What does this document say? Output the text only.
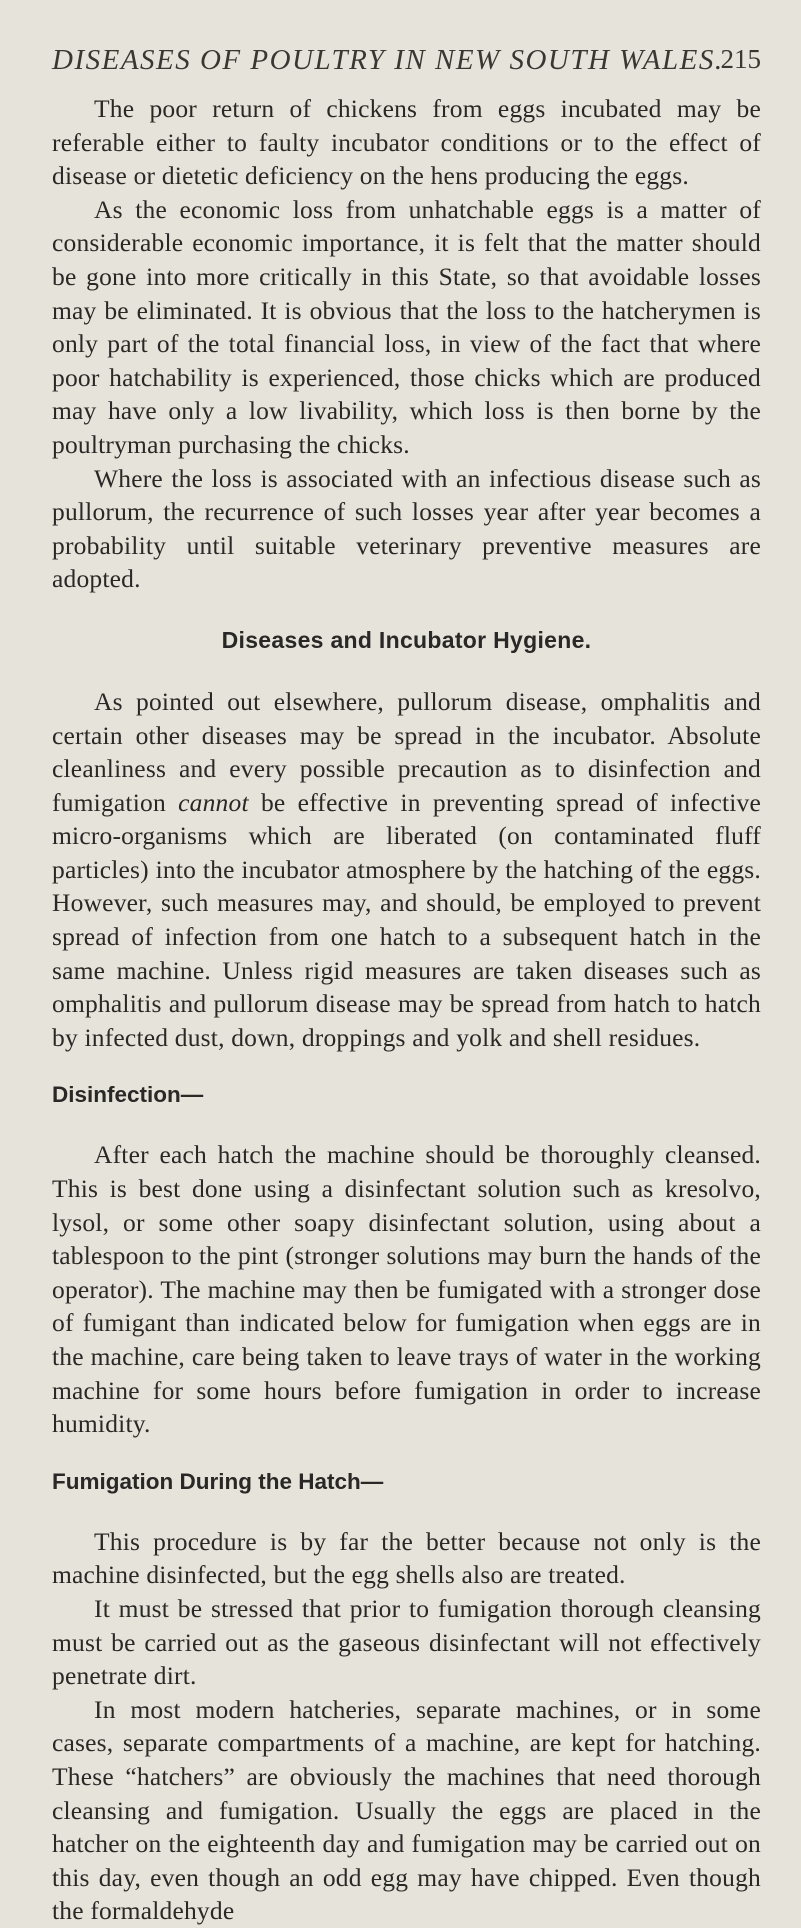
DISEASES OF POULTRY IN NEW SOUTH WALES.
215

The poor return of chickens from eggs incubated may be referable either to faulty incubator conditions or to the effect of disease or dietetic deficiency on the hens producing the eggs.

As the economic loss from unhatchable eggs is a matter of considerable economic importance, it is felt that the matter should be gone into more critically in this State, so that avoidable losses may be eliminated. It is obvious that the loss to the hatcherymen is only part of the total financial loss, in view of the fact that where poor hatchability is experienced, those chicks which are produced may have only a low livability, which loss is then borne by the poultryman purchasing the chicks.

Where the loss is associated with an infectious disease such as pullorum, the recurrence of such losses year after year becomes a probability until suitable veterinary preventive measures are adopted.

Diseases and Incubator Hygiene.

As pointed out elsewhere, pullorum disease, omphalitis and certain other diseases may be spread in the incubator. Absolute cleanliness and every possible precaution as to disinfection and fumigation cannot be effective in preventing spread of infective micro-organisms which are liberated (on contaminated fluff particles) into the incubator atmosphere by the hatching of the eggs. However, such measures may, and should, be employed to prevent spread of infection from one hatch to a subsequent hatch in the same machine. Unless rigid measures are taken diseases such as omphalitis and pullorum disease may be spread from hatch to hatch by infected dust, down, droppings and yolk and shell residues.

Disinfection—

After each hatch the machine should be thoroughly cleansed. This is best done using a disinfectant solution such as kresolvo, lysol, or some other soapy disinfectant solution, using about a tablespoon to the pint (stronger solutions may burn the hands of the operator). The machine may then be fumigated with a stronger dose of fumigant than indicated below for fumigation when eggs are in the machine, care being taken to leave trays of water in the working machine for some hours before fumigation in order to increase humidity.

Fumigation During the Hatch—

This procedure is by far the better because not only is the machine disinfected, but the egg shells also are treated.

It must be stressed that prior to fumigation thorough cleansing must be carried out as the gaseous disinfectant will not effectively penetrate dirt.

In most modern hatcheries, separate machines, or in some cases, separate compartments of a machine, are kept for hatching. These “hatchers” are obviously the machines that need thorough cleansing and fumigation. Usually the eggs are placed in the hatcher on the eighteenth day and fumigation may be carried out on this day, even though an odd egg may have chipped. Even though the formaldehyde
